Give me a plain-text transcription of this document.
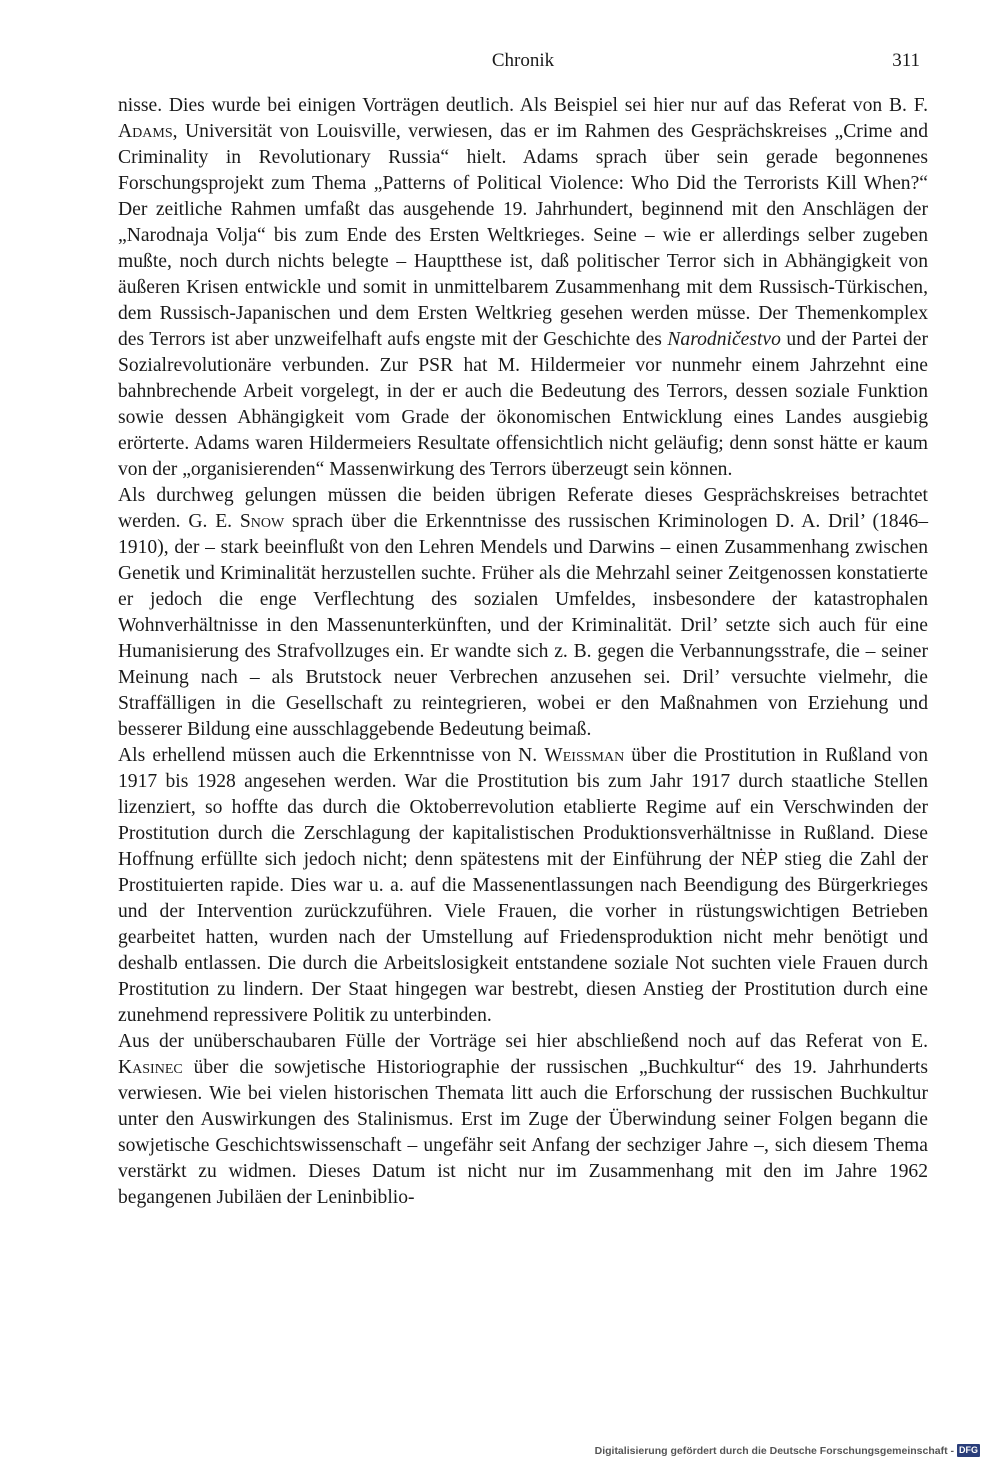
Chronik	311

nisse. Dies wurde bei einigen Vorträgen deutlich. Als Beispiel sei hier nur auf das Referat von B. F. Adams, Universität von Louisville, verwiesen, das er im Rahmen des Gesprächskreises „Crime and Criminality in Revolutionary Russia“ hielt. Adams sprach über sein gerade begonnenes Forschungsprojekt zum Thema „Patterns of Political Violence: Who Did the Terrorists Kill When?“ Der zeitliche Rahmen umfaßt das ausgehende 19. Jahrhundert, beginnend mit den Anschlägen der „Narodnaja Volja“ bis zum Ende des Ersten Weltkrieges. Seine – wie er allerdings selber zugeben mußte, noch durch nichts belegte – Hauptthese ist, daß politischer Terror sich in Abhängigkeit von äußeren Krisen entwickle und somit in unmittelbarem Zusammenhang mit dem Russisch-Türkischen, dem Russisch-Japanischen und dem Ersten Weltkrieg gesehen werden müsse. Der Themenkomplex des Terrors ist aber unzweifelhaft aufs engste mit der Geschichte des Narodničestvo und der Partei der Sozialrevolutionäre verbunden. Zur PSR hat M. Hildermeier vor nunmehr einem Jahrzehnt eine bahnbrechende Arbeit vorgelegt, in der er auch die Bedeutung des Terrors, dessen soziale Funktion sowie dessen Abhängigkeit vom Grade der ökonomischen Entwicklung eines Landes ausgiebig erörterte. Adams waren Hildermeiers Resultate offensichtlich nicht geläufig; denn sonst hätte er kaum von der „organisierenden“ Massenwirkung des Terrors überzeugt sein können.

Als durchweg gelungen müssen die beiden übrigen Referate dieses Gesprächskreises betrachtet werden. G. E. Snow sprach über die Erkenntnisse des russischen Kriminologen D. A. Dril’ (1846–1910), der – stark beeinflußt von den Lehren Mendels und Darwins – einen Zusammenhang zwischen Genetik und Kriminalität herzustellen suchte. Früher als die Mehrzahl seiner Zeitgenossen konstatierte er jedoch die enge Verflechtung des sozialen Umfeldes, insbesondere der katastrophalen Wohnverhältnisse in den Massenunterkünften, und der Kriminalität. Dril’ setzte sich auch für eine Humanisierung des Strafvollzuges ein. Er wandte sich z. B. gegen die Verbannungsstrafe, die – seiner Meinung nach – als Brutstock neuer Verbrechen anzusehen sei. Dril’ versuchte vielmehr, die Straffälligen in die Gesellschaft zu reintegrieren, wobei er den Maßnahmen von Erziehung und besserer Bildung eine ausschlaggebende Bedeutung beimaß.

Als erhellend müssen auch die Erkenntnisse von N. Weissman über die Prostitution in Rußland von 1917 bis 1928 angesehen werden. War die Prostitution bis zum Jahr 1917 durch staatliche Stellen lizenziert, so hoffte das durch die Oktoberrevolution etablierte Regime auf ein Verschwinden der Prostitution durch die Zerschlagung der kapitalistischen Produktionsverhältnisse in Rußland. Diese Hoffnung erfüllte sich jedoch nicht; denn spätestens mit der Einführung der NĖP stieg die Zahl der Prostituierten rapide. Dies war u. a. auf die Massenentlassungen nach Beendigung des Bürgerkrieges und der Intervention zurückzuführen. Viele Frauen, die vorher in rüstungswichtigen Betrieben gearbeitet hatten, wurden nach der Umstellung auf Friedensproduktion nicht mehr benötigt und deshalb entlassen. Die durch die Arbeitslosigkeit entstandene soziale Not suchten viele Frauen durch Prostitution zu lindern. Der Staat hingegen war bestrebt, diesen Anstieg der Prostitution durch eine zunehmend repressivere Politik zu unterbinden.

Aus der unüberschaubaren Fülle der Vorträge sei hier abschließend noch auf das Referat von E. Kasinec über die sowjetische Historiographie der russischen „Buchkultur“ des 19. Jahrhunderts verwiesen. Wie bei vielen historischen Themata litt auch die Erforschung der russischen Buchkultur unter den Auswirkungen des Stalinismus. Erst im Zuge der Überwindung seiner Folgen begann die sowjetische Geschichtswissenschaft – ungefähr seit Anfang der sechziger Jahre –, sich diesem Thema verstärkt zu widmen. Dieses Datum ist nicht nur im Zusammenhang mit den im Jahre 1962 begangenen Jubiläen der Leninbiblio-

Digitalisierung gefördert durch die Deutsche Forschungsgemeinschaft - DFG
